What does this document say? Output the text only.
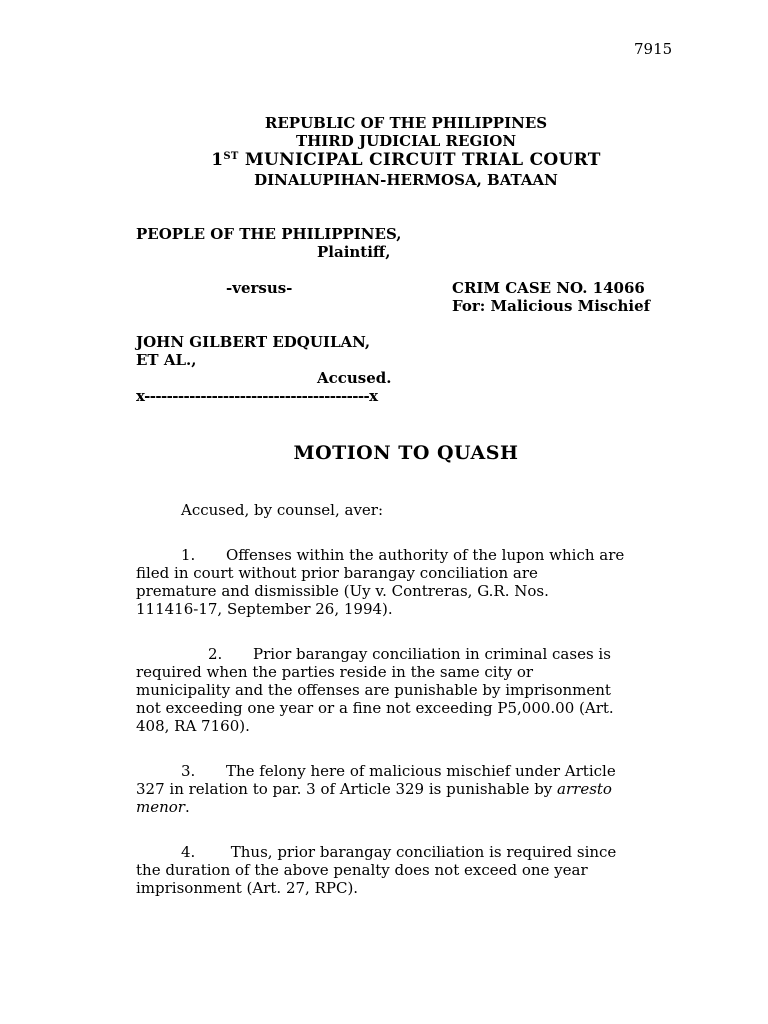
7915
REPUBLIC OF THE PHILIPPINES
THIRD JUDICIAL REGION
1ST MUNICIPAL CIRCUIT TRIAL COURT
DINALUPIHAN-HERMOSA, BATAAN
PEOPLE OF THE PHILIPPINES,
Plaintiff,
-versus-	CRIM CASE NO. 14066
For: Malicious Mischief
JOHN GILBERT EDQUILAN,
ET AL.,
Accused.
x----------------------------------------x
MOTION TO QUASH
Accused, by counsel, aver:
1. Offenses within the authority of the lupon which are
filed in court without prior barangay conciliation are
premature and dismissible (Uy v. Contreras, G.R. Nos.
111416-17, September 26, 1994).
2. Prior barangay conciliation in criminal cases is
required when the parties reside in the same city or
municipality and the offenses are punishable by imprisonment
not exceeding one year or a fine not exceeding P5,000.00 (Art.
408, RA 7160).
3. The felony here of malicious mischief under Article
327 in relation to par. 3 of Article 329 is punishable by arresto
menor.
4. Thus, prior barangay conciliation is required since
the duration of the above penalty does not exceed one year
imprisonment (Art. 27, RPC).
